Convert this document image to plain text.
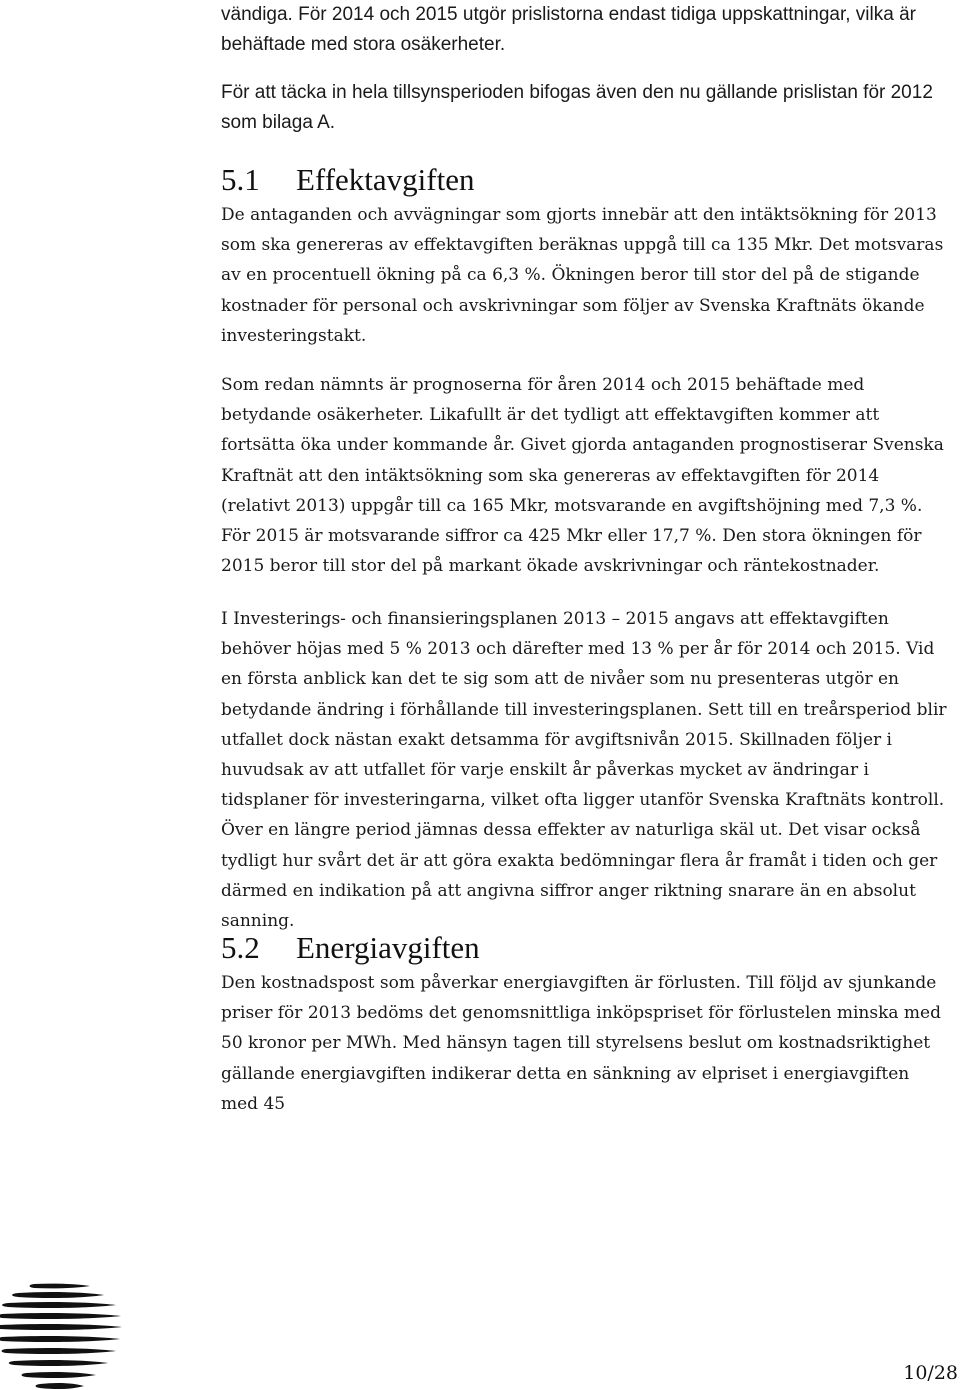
vändiga. För 2014 och 2015 utgör prislistorna endast tidiga uppskattningar, vilka är behäftade med stora osäkerheter.

För att täcka in hela tillsynsperioden bifogas även den nu gällande prislistan för 2012 som bilaga A.

5.1 Effektavgiften

De antaganden och avvägningar som gjorts innebär att den intäktsökning för 2013 som ska genereras av effektavgiften beräknas uppgå till ca 135 Mkr. Det motsvaras av en procentuell ökning på ca 6,3 %. Ökningen beror till stor del på de stigande kostnader för personal och avskrivningar som följer av Svenska Kraftnäts ökande investeringstakt.

Som redan nämnts är prognoserna för åren 2014 och 2015 behäftade med betydande osäkerheter. Likafullt är det tydligt att effektavgiften kommer att fortsätta öka under kommande år. Givet gjorda antaganden prognostiserar Svenska Kraftnät att den intäktsökning som ska genereras av effektavgiften för 2014 (relativt 2013) uppgår till ca 165 Mkr, motsvarande en avgiftshöjning med 7,3 %. För 2015 är motsvarande siffror ca 425 Mkr eller 17,7 %. Den stora ökningen för 2015 beror till stor del på markant ökade avskrivningar och räntekostnader.

I Investerings- och finansieringsplanen 2013 – 2015 angavs att effektavgiften behöver höjas med 5 % 2013 och därefter med 13 % per år för 2014 och 2015. Vid en första anblick kan det te sig som att de nivåer som nu presenteras utgör en betydande ändring i förhållande till investeringsplanen. Sett till en treårsperiod blir utfallet dock nästan exakt detsamma för avgiftsnivån 2015. Skillnaden följer i huvudsak av att utfallet för varje enskilt år påverkas mycket av ändringar i tidsplaner för investeringarna, vilket ofta ligger utanför Svenska Kraftnäts kontroll. Över en längre period jämnas dessa effekter av naturliga skäl ut. Det visar också tydligt hur svårt det är att göra exakta bedömningar flera år framåt i tiden och ger därmed en indikation på att angivna siffror anger riktning snarare än en absolut sanning.

5.2 Energiavgiften

Den kostnadspost som påverkar energiavgiften är förlusten. Till följd av sjunkande priser för 2013 bedöms det genomsnittliga inköpspriset för förlustelen minska med 50 kronor per MWh. Med hänsyn tagen till styrelsens beslut om kostnadsriktighet gällande energiavgiften indikerar detta en sänkning av elpriset i energiavgiften med 45

10/28
